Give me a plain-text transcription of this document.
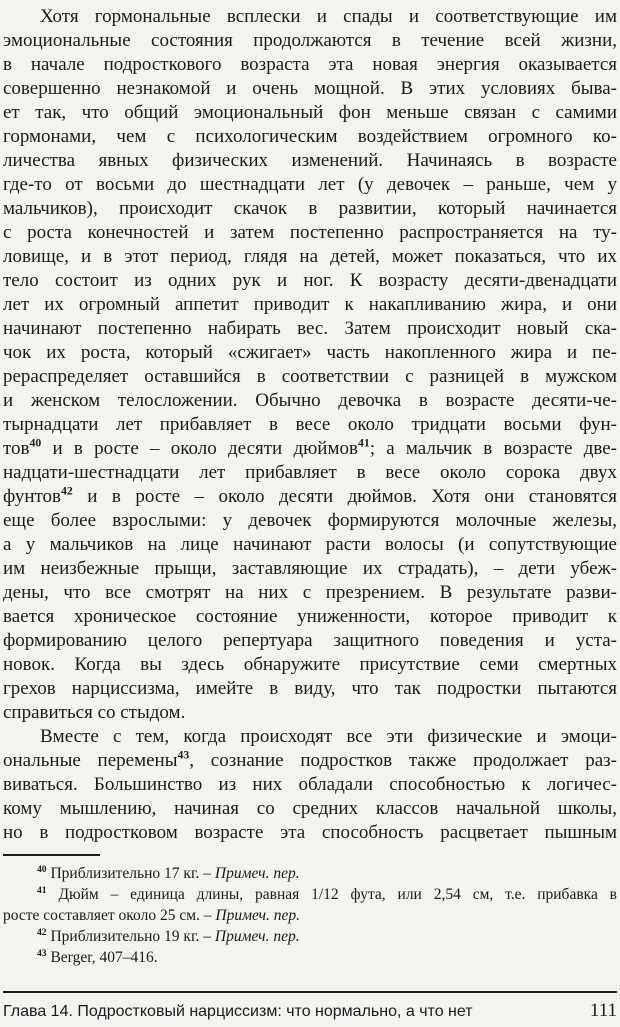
Хотя гормональные всплески и спады и соответствующие им
эмоциональные состояния продолжаются в течение всей жизни,
в начале подросткового возраста эта новая энергия оказывается
совершенно незнакомой и очень мощной. В этих условиях быва-
ет так, что общий эмоциональный фон меньше связан с самими
гормонами, чем с психологическим воздействием огромного ко-
личества явных физических изменений. Начинаясь в возрасте
где-то от восьми до шестнадцати лет (у девочек – раньше, чем у
мальчиков), происходит скачок в развитии, который начинается
с роста конечностей и затем постепенно распространяется на ту-
ловище, и в этот период, глядя на детей, может показаться, что их
тело состоит из одних рук и ног. К возрасту десяти-двенадцати
лет их огромный аппетит приводит к накапливанию жира, и они
начинают постепенно набирать вес. Затем происходит новый ска-
чок их роста, который «сжигает» часть накопленного жира и пе-
рераспределяет оставшийся в соответствии с разницей в мужском
и женском телосложении. Обычно девочка в возрасте десяти-че-
тырнадцати лет прибавляет в весе около тридцати восьми фун-
тов$^{40}$ и в росте – около десяти дюймов$^{41}$; а мальчик в возрасте две-
надцати-шестнадцати лет прибавляет в весе около сорока двух
фунтов$^{42}$ и в росте – около десяти дюймов. Хотя они становятся
еще более взрослыми: у девочек формируются молочные железы,
а у мальчиков на лице начинают расти волосы (и сопутствующие
им неизбежные прыщи, заставляющие их страдать), – дети убеж-
дены, что все смотрят на них с презрением. В результате разви-
вается хроническое состояние униженности, которое приводит к
формированию целого репертуара защитного поведения и уста-
новок. Когда вы здесь обнаружите присутствие семи смертных
грехов нарциссизма, имейте в виду, что так подростки пытаются
справиться со стыдом.
Вместе с тем, когда происходят все эти физические и эмоци-
ональные перемены$^{43}$, сознание подростков также продолжает раз-
виваться. Большинство из них обладали способностью к логичес-
кому мышлению, начиная со средних классов начальной школы,
но в подростковом возрасте эта способность расцветает пышным
$^{40}$ Приблизительно 17 кг. – Примеч. пер.
$^{41}$ Дюйм – единица длины, равная 1/12 фута, или 2,54 см, т.е. прибавка в
росте составляет около 25 см. – Примеч. пер.
$^{42}$ Приблизительно 19 кг. – Примеч. пер.
$^{43}$ Berger, 407–416.
Глава 14. Подростковый нарциссизм: что нормально, а что нет	111
